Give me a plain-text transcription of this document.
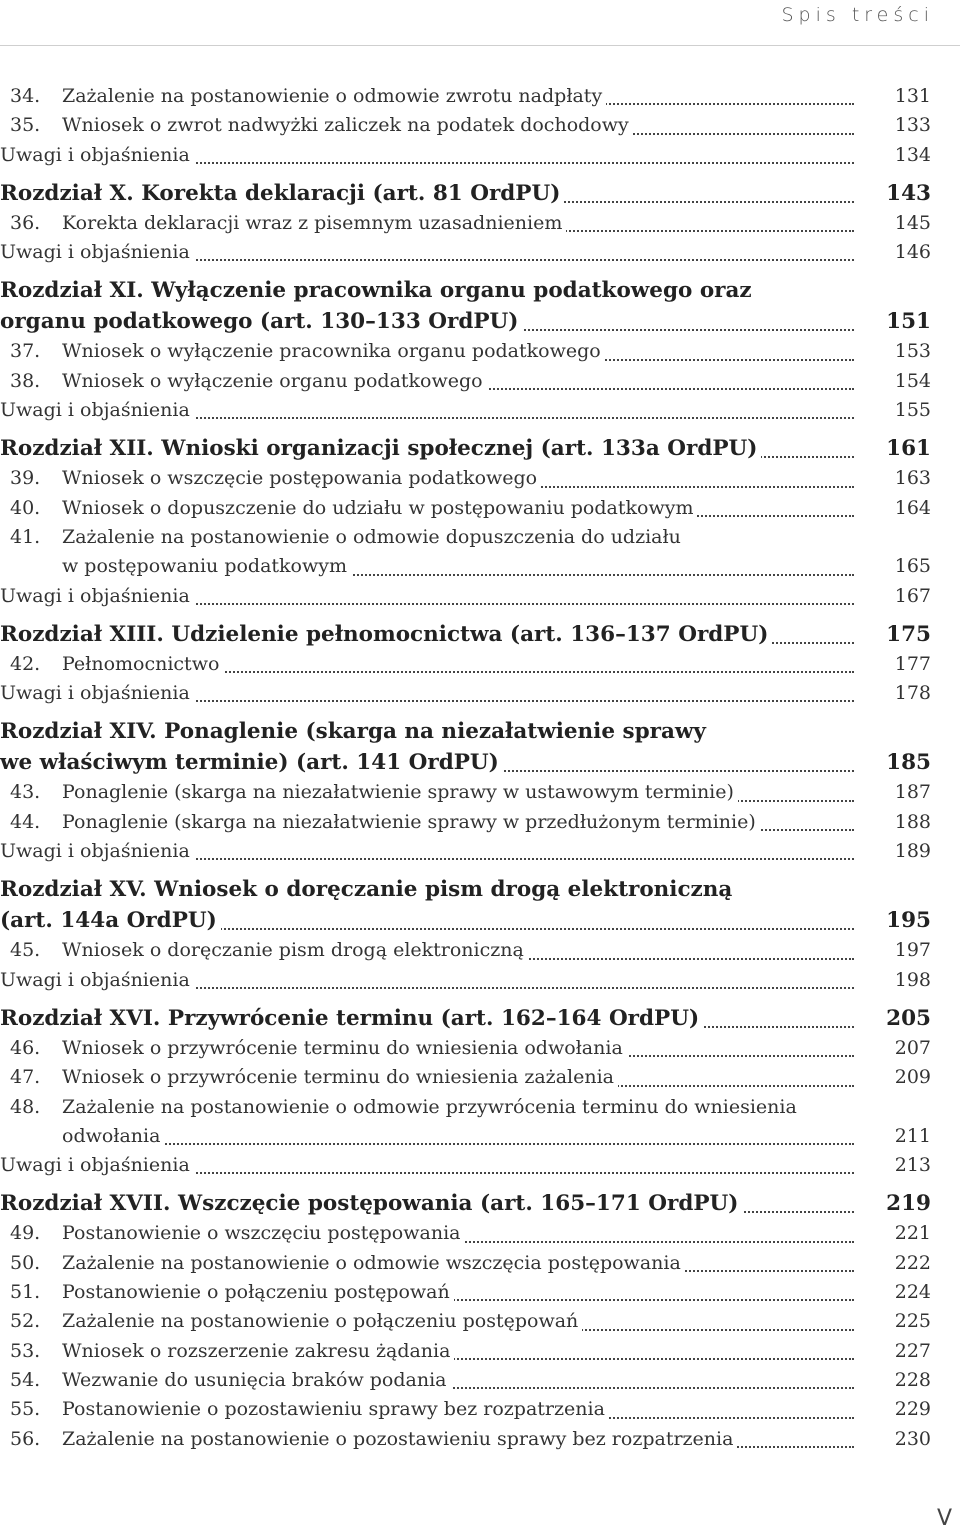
Spis treści
34.	Zażalenie na postanowienie o odmowie zwrotu nadpłaty	131
35.	Wniosek o zwrot nadwyżki zaliczek na podatek dochodowy	133
Uwagi i objaśnienia	134
Rozdział X. Korekta deklaracji (art. 81 OrdPU)	143
36.	Korekta deklaracji wraz z pisemnym uzasadnieniem	145
Uwagi i objaśnienia	146
Rozdział XI. Wyłączenie pracownika organu podatkowego oraz
organu podatkowego (art. 130–133 OrdPU)	151
37.	Wniosek o wyłączenie pracownika organu podatkowego	153
38.	Wniosek o wyłączenie organu podatkowego	154
Uwagi i objaśnienia	155
Rozdział XII. Wnioski organizacji społecznej (art. 133a OrdPU)	161
39.	Wniosek o wszczęcie postępowania podatkowego	163
40.	Wniosek o dopuszczenie do udziału w postępowaniu podatkowym	164
41.	Zażalenie na postanowienie o odmowie dopuszczenia do udziału
w postępowaniu podatkowym	165
Uwagi i objaśnienia	167
Rozdział XIII. Udzielenie pełnomocnictwa (art. 136–137 OrdPU)	175
42.	Pełnomocnictwo	177
Uwagi i objaśnienia	178
Rozdział XIV. Ponaglenie (skarga na niezałatwienie sprawy
we właściwym terminie) (art. 141 OrdPU)	185
43.	Ponaglenie (skarga na niezałatwienie sprawy w ustawowym terminie)	187
44.	Ponaglenie (skarga na niezałatwienie sprawy w przedłużonym terminie)	188
Uwagi i objaśnienia	189
Rozdział XV. Wniosek o doręczanie pism drogą elektroniczną
(art. 144a OrdPU)	195
45.	Wniosek o doręczanie pism drogą elektroniczną	197
Uwagi i objaśnienia	198
Rozdział XVI. Przywrócenie terminu (art. 162–164 OrdPU)	205
46.	Wniosek o przywrócenie terminu do wniesienia odwołania	207
47.	Wniosek o przywrócenie terminu do wniesienia zażalenia	209
48.	Zażalenie na postanowienie o odmowie przywrócenia terminu do wniesienia
odwołania	211
Uwagi i objaśnienia	213
Rozdział XVII. Wszczęcie postępowania (art. 165–171 OrdPU)	219
49.	Postanowienie o wszczęciu postępowania	221
50.	Zażalenie na postanowienie o odmowie wszczęcia postępowania	222
51.	Postanowienie o połączeniu postępowań	224
52.	Zażalenie na postanowienie o połączeniu postępowań	225
53.	Wniosek o rozszerzenie zakresu żądania	227
54.	Wezwanie do usunięcia braków podania	228
55.	Postanowienie o pozostawieniu sprawy bez rozpatrzenia	229
56.	Zażalenie na postanowienie o pozostawieniu sprawy bez rozpatrzenia	230
V
